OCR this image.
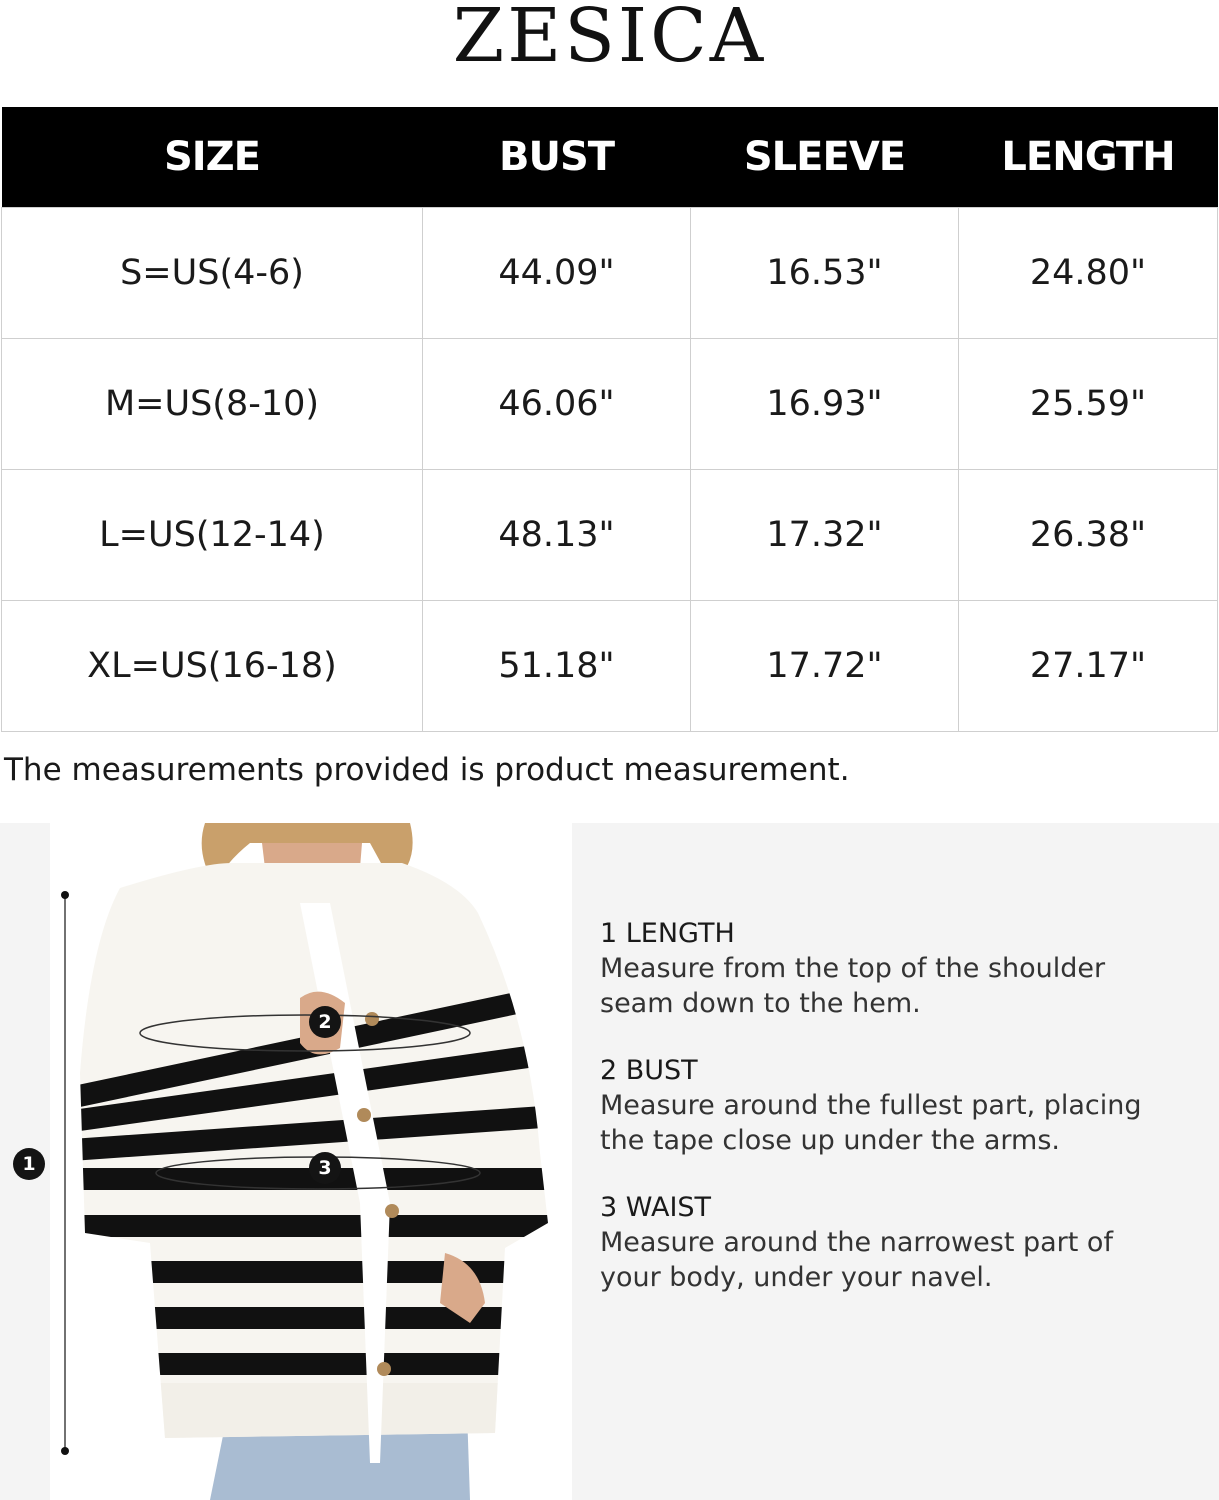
ZESICA
SIZE	BUST	SLEEVE	LENGTH
S=US(4-6)	44.09"	16.53"	24.80"
M=US(8-10)	46.06"	16.93"	25.59"
L=US(12-14)	48.13"	17.32"	26.38"
XL=US(16-18)	51.18"	17.72"	27.17"
The measurements provided is product measurement.
1
2
3
1 LENGTH
Measure from the top of the shoulder
seam down to the hem.
2 BUST
Measure around the fullest part, placing
the tape close up under the arms.
3 WAIST
Measure around the narrowest part of
your body, under your navel.
